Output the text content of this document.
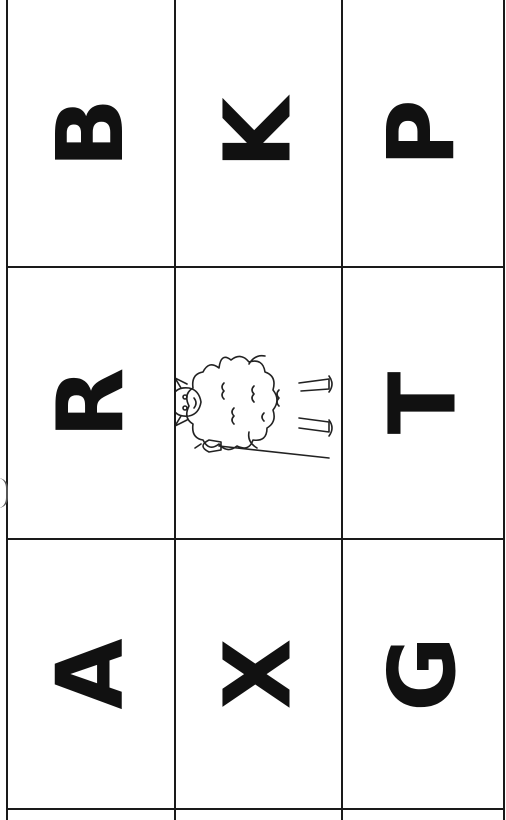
B K P
R T
A X G
